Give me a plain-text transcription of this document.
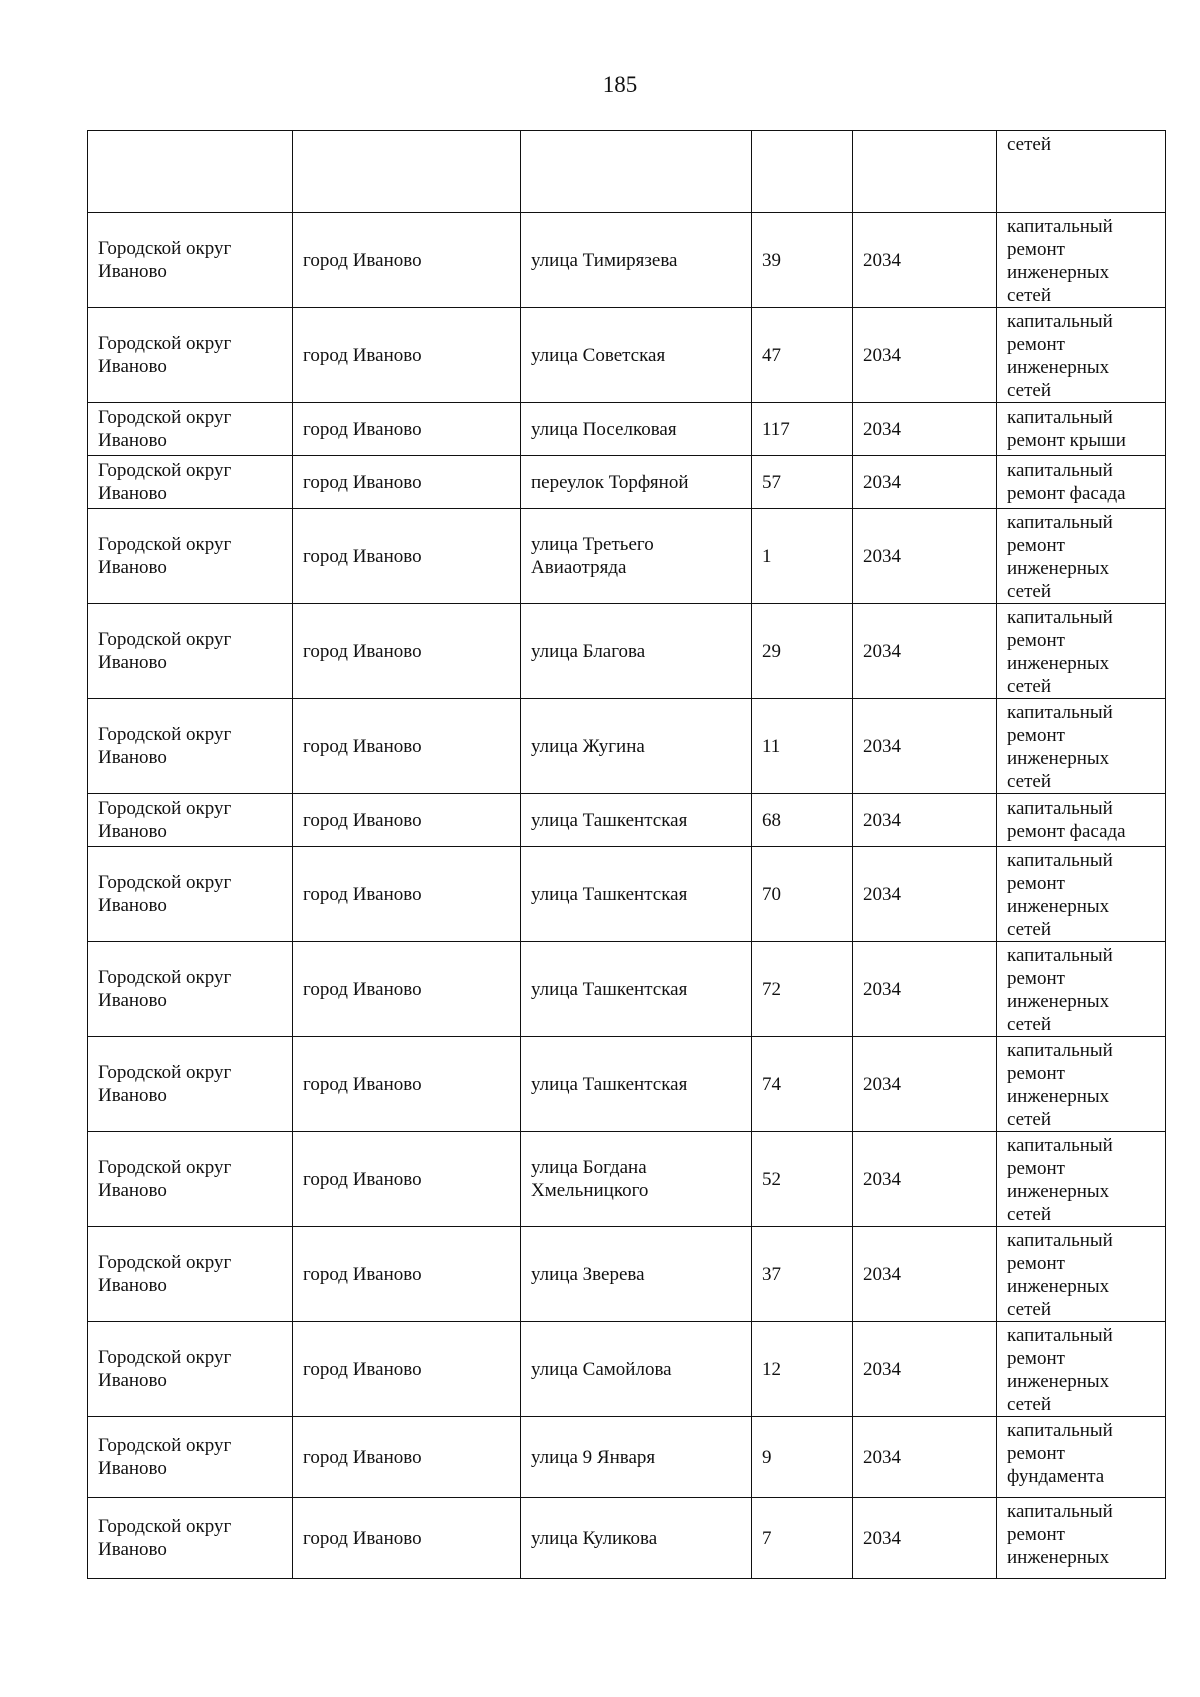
185
					сетей
Городской округ Иваново	город Иваново	улица Тимирязева	39	2034	капитальный ремонт инженерных сетей
Городской округ Иваново	город Иваново	улица Советская	47	2034	капитальный ремонт инженерных сетей
Городской округ Иваново	город Иваново	улица Поселковая	117	2034	капитальный ремонт крыши
Городской округ Иваново	город Иваново	переулок Торфяной	57	2034	капитальный ремонт фасада
Городской округ Иваново	город Иваново	улица Третьего Авиаотряда	1	2034	капитальный ремонт инженерных сетей
Городской округ Иваново	город Иваново	улица Благова	29	2034	капитальный ремонт инженерных сетей
Городской округ Иваново	город Иваново	улица Жугина	11	2034	капитальный ремонт инженерных сетей
Городской округ Иваново	город Иваново	улица Ташкентская	68	2034	капитальный ремонт фасада
Городской округ Иваново	город Иваново	улица Ташкентская	70	2034	капитальный ремонт инженерных сетей
Городской округ Иваново	город Иваново	улица Ташкентская	72	2034	капитальный ремонт инженерных сетей
Городской округ Иваново	город Иваново	улица Ташкентская	74	2034	капитальный ремонт инженерных сетей
Городской округ Иваново	город Иваново	улица Богдана Хмельницкого	52	2034	капитальный ремонт инженерных сетей
Городской округ Иваново	город Иваново	улица Зверева	37	2034	капитальный ремонт инженерных сетей
Городской округ Иваново	город Иваново	улица Самойлова	12	2034	капитальный ремонт инженерных сетей
Городской округ Иваново	город Иваново	улица 9 Января	9	2034	капитальный ремонт фундамента
Городской округ Иваново	город Иваново	улица Куликова	7	2034	капитальный ремонт инженерных
